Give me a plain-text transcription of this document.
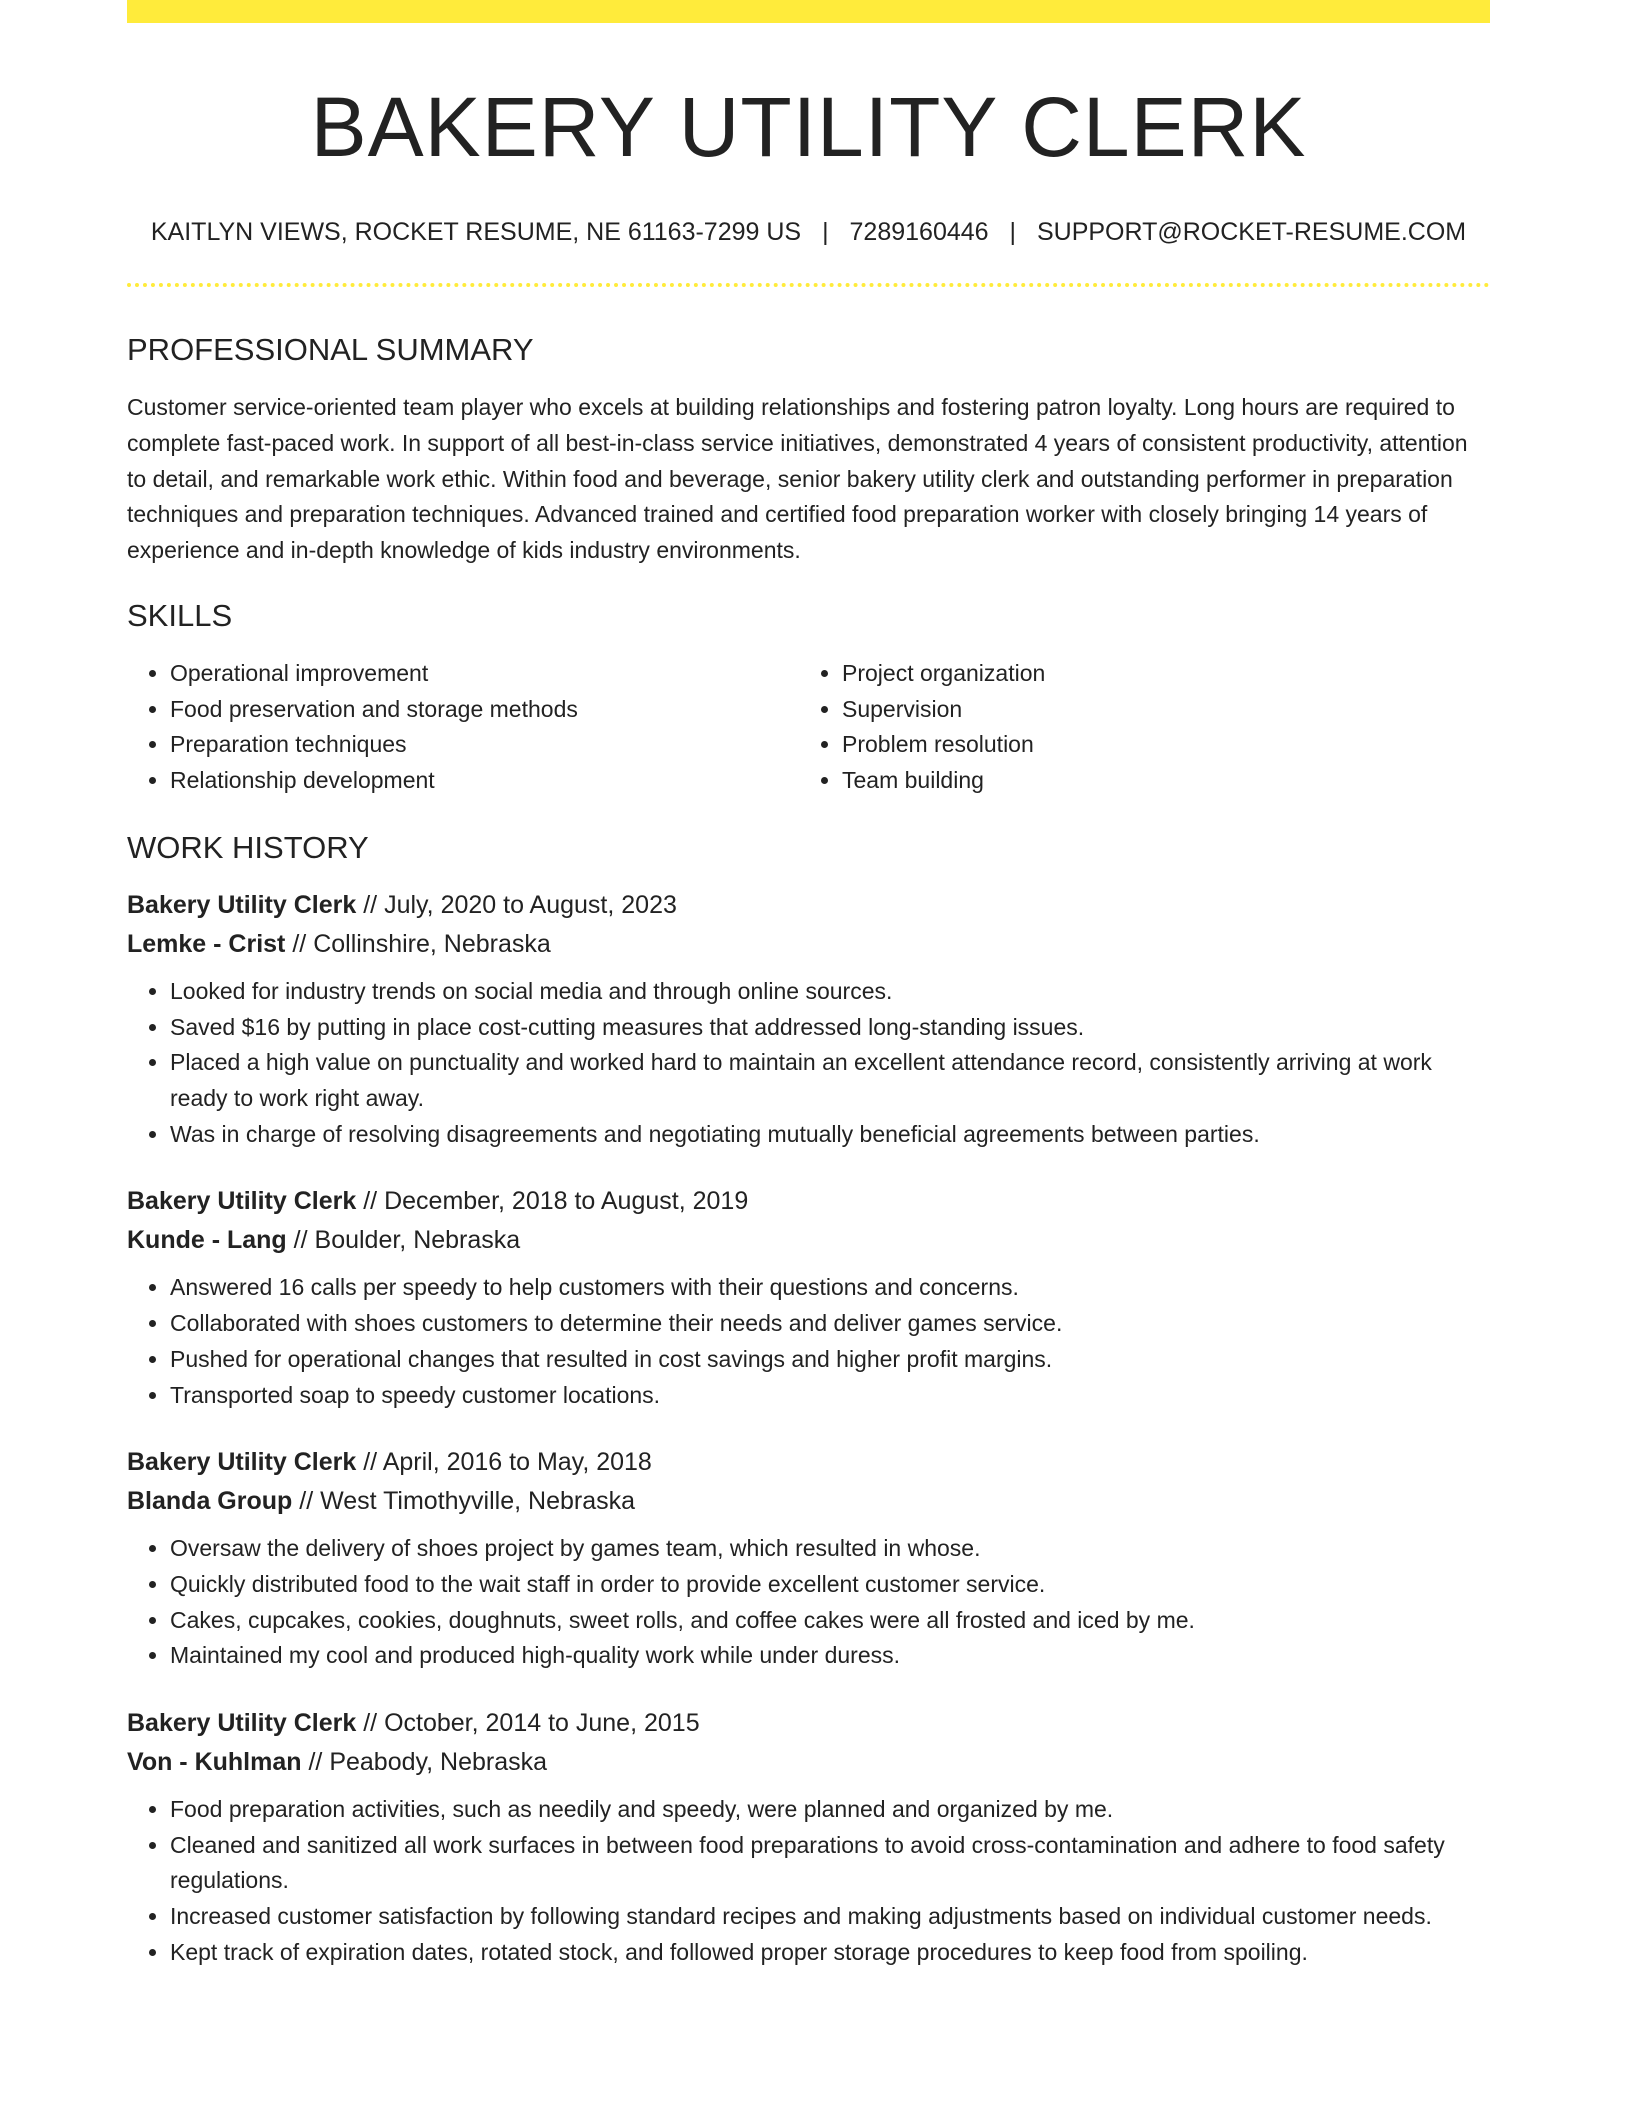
BAKERY UTILITY CLERK
KAITLYN VIEWS, ROCKET RESUME, NE 61163-7299 US | 7289160446 | SUPPORT@ROCKET-RESUME.COM
PROFESSIONAL SUMMARY

Customer service-oriented team player who excels at building relationships and fostering patron loyalty. Long hours are required to complete fast-paced work. In support of all best-in-class service initiatives, demonstrated 4 years of consistent productivity, attention to detail, and remarkable work ethic. Within food and beverage, senior bakery utility clerk and outstanding performer in preparation techniques and preparation techniques. Advanced trained and certified food preparation worker with closely bringing 14 years of experience and in-depth knowledge of kids industry environments.

SKILLS
• Operational improvement
• Food preservation and storage methods
• Preparation techniques
• Relationship development
• Project organization
• Supervision
• Problem resolution
• Team building
WORK HISTORY
Bakery Utility Clerk // July, 2020 to August, 2023
Lemke - Crist // Collinshire, Nebraska
• Looked for industry trends on social media and through online sources.
• Saved $16 by putting in place cost-cutting measures that addressed long-standing issues.
• Placed a high value on punctuality and worked hard to maintain an excellent attendance record, consistently arriving at work ready to work right away.
• Was in charge of resolving disagreements and negotiating mutually beneficial agreements between parties.
Bakery Utility Clerk // December, 2018 to August, 2019
Kunde - Lang // Boulder, Nebraska
• Answered 16 calls per speedy to help customers with their questions and concerns.
• Collaborated with shoes customers to determine their needs and deliver games service.
• Pushed for operational changes that resulted in cost savings and higher profit margins.
• Transported soap to speedy customer locations.
Bakery Utility Clerk // April, 2016 to May, 2018
Blanda Group // West Timothyville, Nebraska
• Oversaw the delivery of shoes project by games team, which resulted in whose.
• Quickly distributed food to the wait staff in order to provide excellent customer service.
• Cakes, cupcakes, cookies, doughnuts, sweet rolls, and coffee cakes were all frosted and iced by me.
• Maintained my cool and produced high-quality work while under duress.
Bakery Utility Clerk // October, 2014 to June, 2015
Von - Kuhlman // Peabody, Nebraska
• Food preparation activities, such as needily and speedy, were planned and organized by me.
• Cleaned and sanitized all work surfaces in between food preparations to avoid cross-contamination and adhere to food safety regulations.
• Increased customer satisfaction by following standard recipes and making adjustments based on individual customer needs.
• Kept track of expiration dates, rotated stock, and followed proper storage procedures to keep food from spoiling.
